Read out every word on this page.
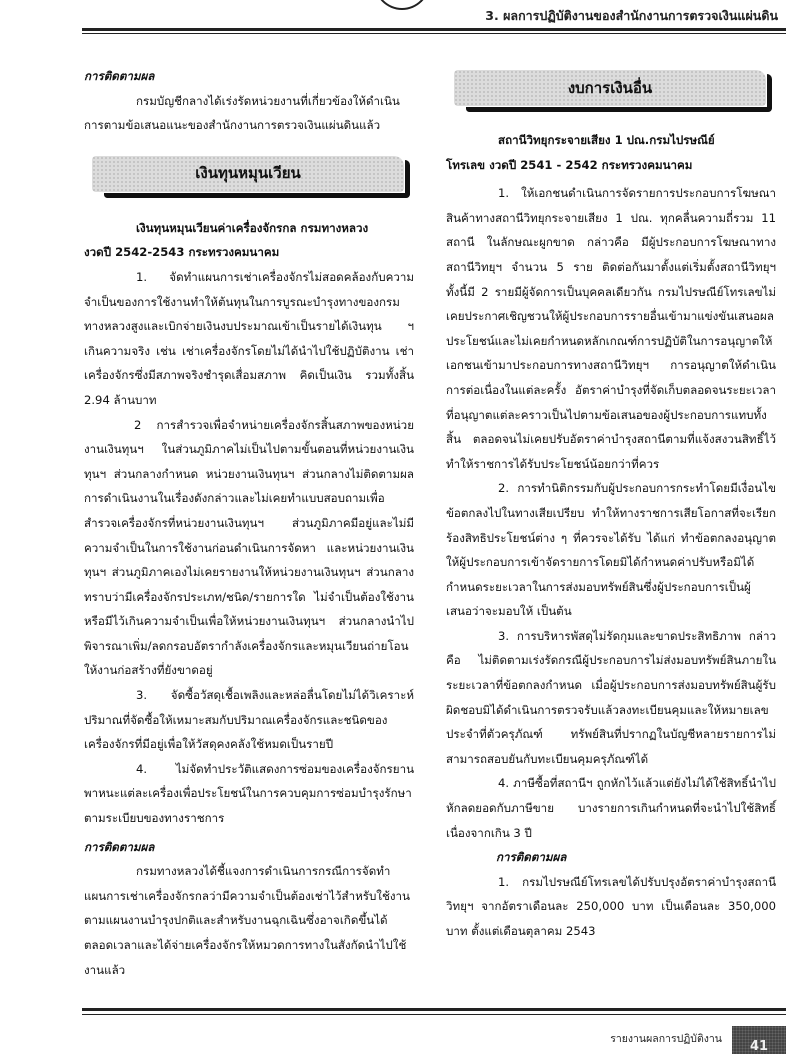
3. ผลการปฏิบัติงานของสำนักงานการตรวจเงินแผ่นดิน

การติดตามผล

กรมบัญชีกลางได้เร่งรัดหน่วยงานที่เกี่ยวข้องให้ดำเนินการตามข้อเสนอแนะของสำนักงานการตรวจเงินแผ่นดินแล้ว

เงินทุนหมุนเวียน

เงินทุนหมุนเวียนค่าเครื่องจักรกล กรมทางหลวง

งวดปี 2542-2543 กระทรวงคมนาคม

1. จัดทำแผนการเช่าเครื่องจักรไม่สอดคล้องกับความจำเป็นของการใช้งานทำให้ต้นทุนในการบูรณะบำรุงทางของกรมทางหลวงสูงและเบิกจ่ายเงินงบประมาณเข้าเป็นรายได้เงินทุน ฯ เกินความจริง เช่น เช่าเครื่องจักรโดยไม่ได้นำไปใช้ปฏิบัติงาน เช่าเครื่องจักรซึ่งมีสภาพจริงชำรุดเสื่อมสภาพ คิดเป็นเงิน รวมทั้งสิ้น 2.94 ล้านบาท

2 การสำรวจเพื่อจำหน่ายเครื่องจักรสิ้นสภาพของหน่วยงานเงินทุนฯ ในส่วนภูมิภาคไม่เป็นไปตามขั้นตอนที่หน่วยงานเงินทุนฯ ส่วนกลางกำหนด หน่วยงานเงินทุนฯ ส่วนกลางไม่ติดตามผลการดำเนินงานในเรื่องดังกล่าวและไม่เคยทำแบบสอบถามเพื่อสำรวจเครื่องจักรที่หน่วยงานเงินทุนฯ ส่วนภูมิภาคมีอยู่และไม่มีความจำเป็นในการใช้งานก่อนดำเนินการจัดหา และหน่วยงานเงินทุนฯ ส่วนภูมิภาคเองไม่เคยรายงานให้หน่วยงานเงินทุนฯ ส่วนกลางทราบว่ามีเครื่องจักรประเภท/ชนิด/รายการใด ไม่จำเป็นต้องใช้งานหรือมีไว้เกินความจำเป็นเพื่อให้หน่วยงานเงินทุนฯ ส่วนกลางนำไปพิจารณาเพิ่ม/ลดกรอบอัตรากำลังเครื่องจักรและหมุนเวียนถ่ายโอนให้งานก่อสร้างที่ยังขาดอยู่

3. จัดซื้อวัสดุเชื้อเพลิงและหล่อลื่นโดยไม่ได้วิเคราะห์ปริมาณที่จัดซื้อให้เหมาะสมกับปริมาณเครื่องจักรและชนิดของเครื่องจักรที่มีอยู่เพื่อให้วัสดุคงคลังใช้หมดเป็นรายปี

4. ไม่จัดทำประวัติแสดงการซ่อมของเครื่องจักรยานพาหนะแต่ละเครื่องเพื่อประโยชน์ในการควบคุมการซ่อมบำรุงรักษาตามระเบียบของทางราชการ

การติดตามผล

กรมทางหลวงได้ชี้แจงการดำเนินการกรณีการจัดทำแผนการเช่าเครื่องจักรกลว่ามีความจำเป็นต้องเช่าไว้สำหรับใช้งานตามแผนงานบำรุงปกติและสำหรับงานฉุกเฉินซึ่งอาจเกิดขึ้นได้ตลอดเวลาและได้จ่ายเครื่องจักรให้หมวดการทางในสังกัดนำไปใช้งานแล้ว

งบการเงินอื่น

สถานีวิทยุกระจายเสียง 1 ปณ.กรมไปรษณีย์

โทรเลข งวดปี 2541 - 2542 กระทรวงคมนาคม

1. ให้เอกชนดำเนินการจัดรายการประกอบการโฆษณาสินค้าทางสถานีวิทยุกระจายเสียง 1 ปณ. ทุกคลื่นความถี่รวม 11 สถานี ในลักษณะผูกขาด กล่าวคือ มีผู้ประกอบการโฆษณาทางสถานีวิทยุฯ จำนวน 5 ราย ติดต่อกันมาตั้งแต่เริ่มตั้งสถานีวิทยุฯ ทั้งนี้มี 2 รายมีผู้จัดการเป็นบุคคลเดียวกัน กรมไปรษณีย์โทรเลขไม่เคยประกาศเชิญชวนให้ผู้ประกอบการรายอื่นเข้ามาแข่งขันเสนอผลประโยชน์และไม่เคยกำหนดหลักเกณฑ์การปฏิบัติในการอนุญาตให้เอกชนเข้ามาประกอบการทางสถานีวิทยุฯ การอนุญาตให้ดำเนินการต่อเนื่องในแต่ละครั้ง อัตราค่าบำรุงที่จัดเก็บตลอดจนระยะเวลาที่อนุญาตแต่ละคราวเป็นไปตามข้อเสนอของผู้ประกอบการแทบทั้งสิ้น ตลอดจนไม่เคยปรับอัตราค่าบำรุงสถานีตามที่แจ้งสงวนสิทธิ์ไว้ทำให้ราชการได้รับประโยชน์น้อยกว่าที่ควร

2. การทำนิติกรรมกับผู้ประกอบการกระทำโดยมีเงื่อนไขข้อตกลงไปในทางเสียเปรียบ ทำให้ทางราชการเสียโอกาสที่จะเรียกร้องสิทธิประโยชน์ต่าง ๆ ที่ควรจะได้รับ ได้แก่ ทำข้อตกลงอนุญาตให้ผู้ประกอบการเข้าจัดรายการโดยมิได้กำหนดค่าปรับหรือมิได้กำหนดระยะเวลาในการส่งมอบทรัพย์สินซึ่งผู้ประกอบการเป็นผู้เสนอว่าจะมอบให้ เป็นต้น

3. การบริหารพัสดุไม่รัดกุมและขาดประสิทธิภาพ กล่าวคือ ไม่ติดตามเร่งรัดกรณีผู้ประกอบการไม่ส่งมอบทรัพย์สินภายในระยะเวลาที่ข้อตกลงกำหนด เมื่อผู้ประกอบการส่งมอบทรัพย์สินผู้รับผิดชอบมิได้ดำเนินการตรวจรับแล้วลงทะเบียนคุมและให้หมายเลขประจำที่ตัวครุภัณฑ์ ทรัพย์สินที่ปรากฏในบัญชีหลายรายการไม่สามารถสอบยันกับทะเบียนคุมครุภัณฑ์ได้

4. ภาษีซื้อที่สถานีฯ ถูกหักไว้แล้วแต่ยังไม่ได้ใช้สิทธิ์นำไปหักลดยอดกับภาษีขาย บางรายการเกินกำหนดที่จะนำไปใช้สิทธิ์เนื่องจากเกิน 3 ปี

การติดตามผล

1. กรมไปรษณีย์โทรเลขได้ปรับปรุงอัตราค่าบำรุงสถานีวิทยุฯ จากอัตราเดือนละ 250,000 บาท เป็นเดือนละ 350,000 บาท ตั้งแต่เดือนตุลาคม 2543

รายงานผลการปฏิบัติงาน 41
